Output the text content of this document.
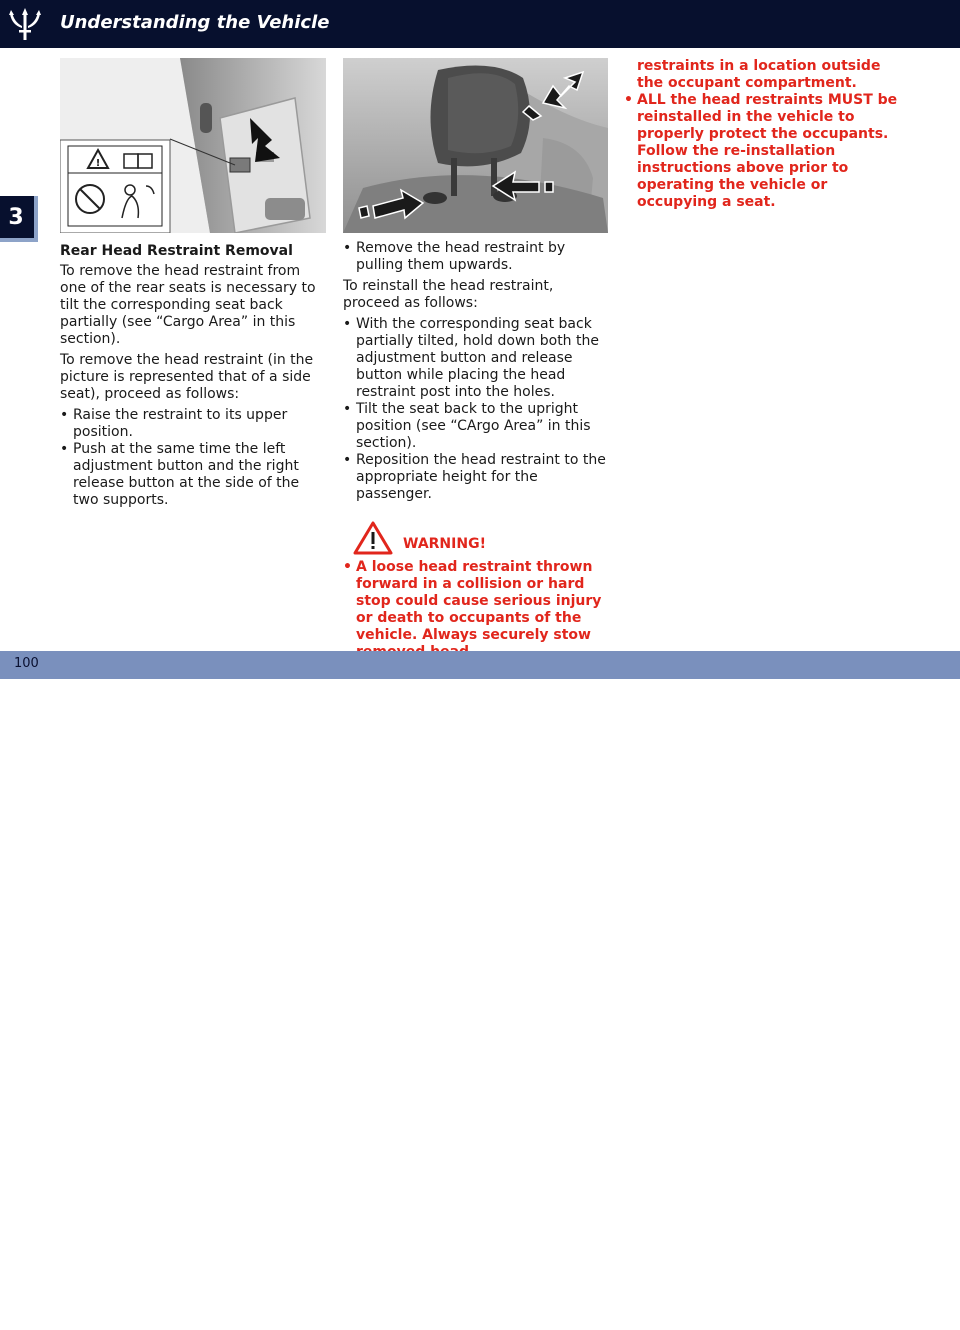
Understanding the Vehicle
3
!

Rear Head Restraint Removal

To remove the head restraint from one of the rear seats is necessary to tilt the corresponding seat back partially (see “Cargo Area” in this section).

To remove the head restraint (in the picture is represented that of a side seat), proceed as follows:

• Raise the restraint to its upper position.
• Push at the same time the left adjustment button and the right release button at the side of the two supports.
• Remove the head restraint by pulling them upwards.

To reinstall the head restraint, proceed as follows:

• With the corresponding seat back partially tilted, hold down both the adjustment button and release button while placing the head restraint post into the holes.
• Tilt the seat back to the upright position (see “CArgo Area” in this section).
• Reposition the head restraint to the appropriate height for the passenger.
WARNING!
• A loose head restraint thrown forward in a collision or hard stop could cause serious injury or death to occupants of the vehicle. Always securely stow

restraints in a location outside the occupant compartment.

• ALL the head restraints MUST be reinstalled in the vehicle to properly protect the occupants. Follow the re-installation instructions above prior to operating the vehicle or occupying a seat.
100
carmanualsonline.info
